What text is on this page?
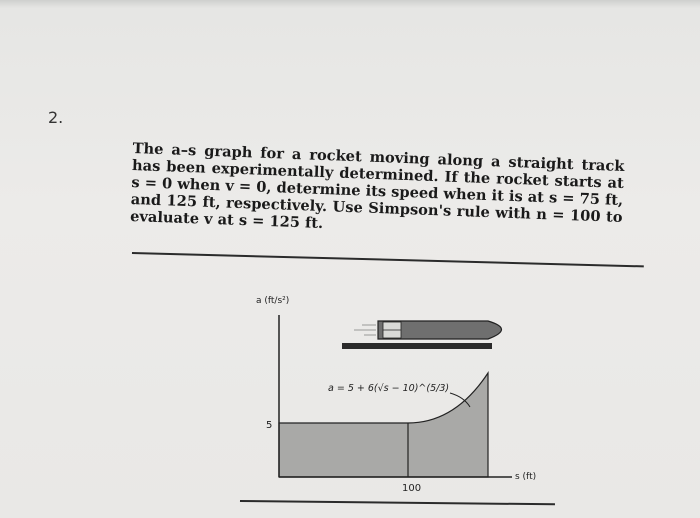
2.
The a–s graph for a rocket moving along a straight track has been experimentally determined. If the rocket starts at s = 0 when v = 0, determine its speed when it is at s = 75 ft, and 125 ft, respectively. Use Simpson's rule with n = 100 to evaluate v at s = 125 ft.
a (ft/s²)
a = 5 + 6(√s − 10)^(5/3)
5
100
s (ft)
